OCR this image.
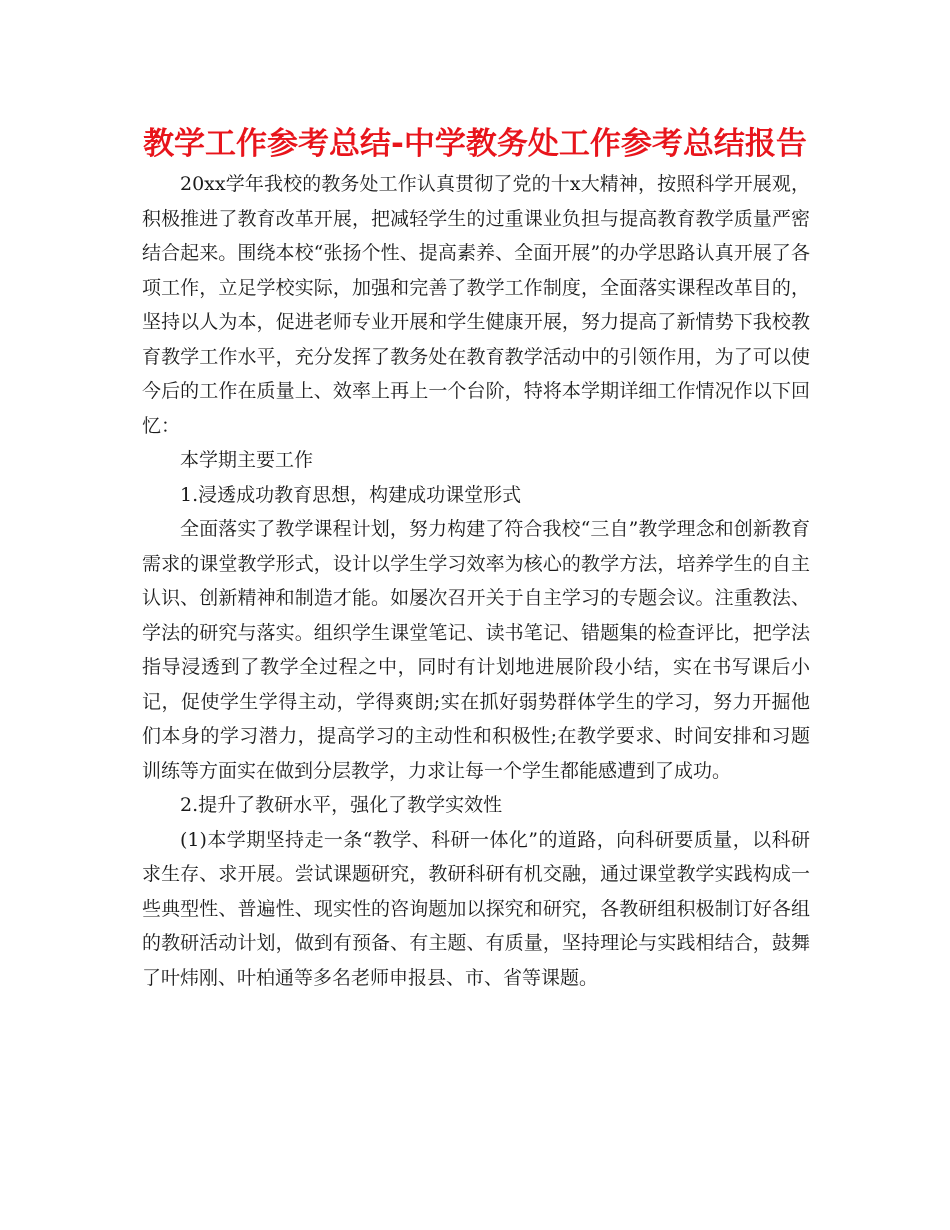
教学工作参考总结-中学教务处工作参考总结报告

20xx学年我校的教务处工作认真贯彻了党的十x大精神，按照科学开展观，积极推进了教育改革开展，把减轻学生的过重课业负担与提高教育教学质量严密结合起来。围绕本校“张扬个性、提高素养、全面开展”的办学思路认真开展了各项工作，立足学校实际，加强和完善了教学工作制度，全面落实课程改革目的，坚持以人为本，促进老师专业开展和学生健康开展，努力提高了新情势下我校教育教学工作水平，充分发挥了教务处在教育教学活动中的引领作用，为了可以使今后的工作在质量上、效率上再上一个台阶，特将本学期详细工作情况作以下回忆：

本学期主要工作

1.浸透成功教育思想，构建成功课堂形式

全面落实了教学课程计划，努力构建了符合我校“三自”教学理念和创新教育需求的课堂教学形式，设计以学生学习效率为核心的教学方法，培养学生的自主认识、创新精神和制造才能。如屡次召开关于自主学习的专题会议。注重教法、学法的研究与落实。组织学生课堂笔记、读书笔记、错题集的检查评比，把学法指导浸透到了教学全过程之中，同时有计划地进展阶段小结，实在书写课后小记，促使学生学得主动，学得爽朗;实在抓好弱势群体学生的学习，努力开掘他们本身的学习潜力，提高学习的主动性和积极性;在教学要求、时间安排和习题训练等方面实在做到分层教学，力求让每一个学生都能感遭到了成功。

2.提升了教研水平，强化了教学实效性

(1)本学期坚持走一条“教学、科研一体化”的道路，向科研要质量，以科研求生存、求开展。尝试课题研究，教研科研有机交融，通过课堂教学实践构成一些典型性、普遍性、现实性的咨询题加以探究和研究，各教研组积极制订好各组的教研活动计划，做到有预备、有主题、有质量，坚持理论与实践相结合，鼓舞了叶炜刚、叶柏通等多名老师申报县、市、省等课题。
